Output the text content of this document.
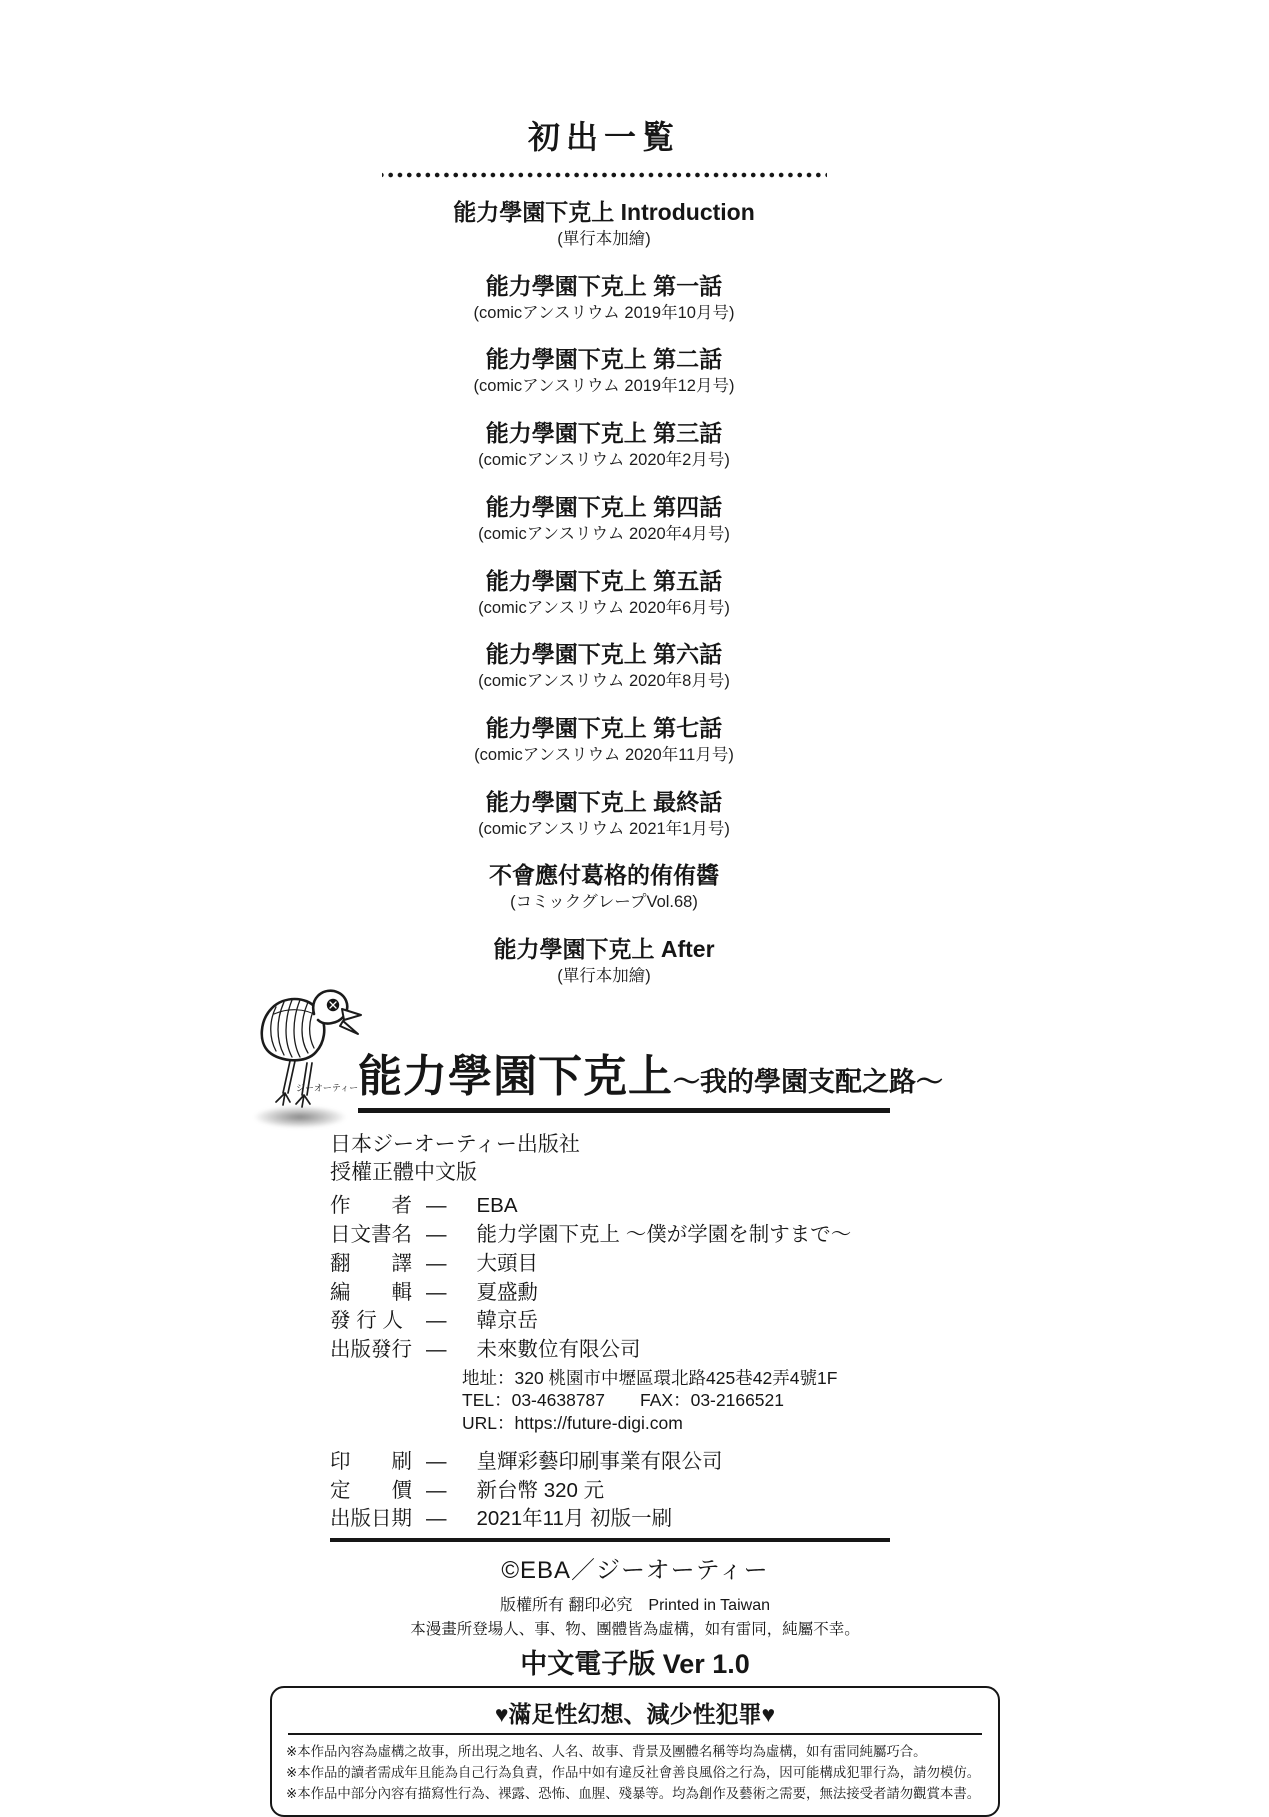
初出一覧
能力學園下克上 Introduction
(單行本加繪)
能力學園下克上 第一話
(comicアンスリウム 2019年10月号)
能力學園下克上 第二話
(comicアンスリウム 2019年12月号)
能力學園下克上 第三話
(comicアンスリウム 2020年2月号)
能力學園下克上 第四話
(comicアンスリウム 2020年4月号)
能力學園下克上 第五話
(comicアンスリウム 2020年6月号)
能力學園下克上 第六話
(comicアンスリウム 2020年8月号)
能力學園下克上 第七話
(comicアンスリウム 2020年11月号)
能力學園下克上 最終話
(comicアンスリウム 2021年1月号)
不會應付葛格的侑侑醬
(コミックグレープVol.68)
能力學園下克上 After
(單行本加繪)
ジーオーティー 能力學園下克上～我的學園支配之路～
日本ジーオーティー出版社
授權正體中文版
作　　者 ― EBA
日文書名 ― 能力学園下克上 ～僕が学園を制すまで～
翻　　譯 ― 大頭目
編　　輯 ― 夏盛勳
發 行 人	― 韓京岳
出版發行 ― 未來數位有限公司
地址：320 桃園市中壢區環北路425巷42弄4號1F
TEL：03-4638787　　FAX：03-2166521
URL：https://future-digi.com
印　　刷 ― 皇輝彩藝印刷事業有限公司
定　　價 ― 新台幣 320 元
出版日期 ― 2021年11月 初版一刷
©EBA／ジーオーティー
版權所有 翻印必究　Printed in Taiwan
本漫畫所登場人、事、物、團體皆為虛構，如有雷同，純屬不幸。
中文電子版 Ver 1.0
♥滿足性幻想、減少性犯罪♥
※本作品內容為虛構之故事，所出現之地名、人名、故事、背景及團體名稱等均為虛構，如有雷同純屬巧合。
※本作品的讀者需成年且能為自己行為負責，作品中如有違反社會善良風俗之行為，因可能構成犯罪行為，請勿模仿。
※本作品中部分內容有描寫性行為、裸露、恐怖、血腥、殘暴等。均為創作及藝術之需要，無法接受者請勿觀賞本書。
